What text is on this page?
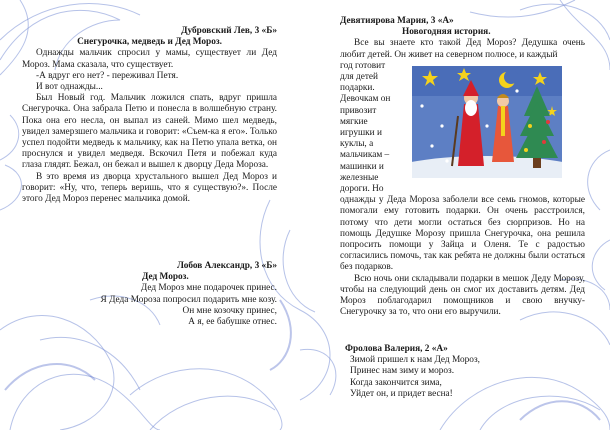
Дубровский Лев, 3 «Б»

Снегурочка, медведь и Дед Мороз.

Однажды мальчик спросил у мамы, существует ли Дед Мороз. Мама сказала, что существует.

-А вдруг его нет? - переживал Петя.

И вот однажды...

Был Новый год. Мальчик ложился спать, вдруг пришла Снегурочка. Она забрала Петю и понесла в волшебную страну. Пока она его несла, он выпал из саней. Мимо шел медведь, увидел замерзшего мальчика и говорит: «Съем-ка я его». Только успел подойти медведь к мальчику, как на Петю упала ветка, он проснулся и увидел медведя. Вскочил Петя и побежал куда глаза глядят. Бежал, он бежал и вышел к дворцу Деда Мороза.

В это время из дворца хрустального вышел Дед Мороз и говорит: «Ну, что, теперь веришь, что я существую?». После этого Дед Мороз перенес мальчика домой.

Лобов Александр, 3 «Б»

Дед Мороз.

Дед Мороз мне подарочек принес.

Я Деда Мороза попросил подарить мне козу.

Он мне козочку принес,

А я, ее бабушке отнес.

Девятиярова Мария, 3 «А»

Новогодняя история.

Все вы знаете кто такой Дед Мороз? Дедушка очень любит детей. Он живет на северном полюсе, и каждый

год готовит

для детей

подарки.

Девочкам он

привозит

мягкие

игрушки и

куклы, а

мальчикам –

машинки и

железные

дороги. Но

однажды у Деда Мороза заболели все семь гномов, которые помогали ему готовить подарки. Он очень расстроился, потому что дети могли остаться без сюрпризов. Но на помощь Дедушке Морозу пришла Снегурочка, она решила попросить помощи у Зайца и Оленя. Те с радостью согласились помочь, так как ребята не должны были остаться без подарков.

Всю ночь они складывали подарки в мешок Деду Морозу, чтобы на следующий день он смог их доставить детям. Дед Мороз поблагодарил помощников и свою внучку- Снегурочку за то, что они его выручили.

Фролова Валерия, 2 «А»

Зимой пришел к нам Дед Мороз,

Принес нам зиму и мороз.

Когда закончится зима,

Уйдет он, и придет весна!
